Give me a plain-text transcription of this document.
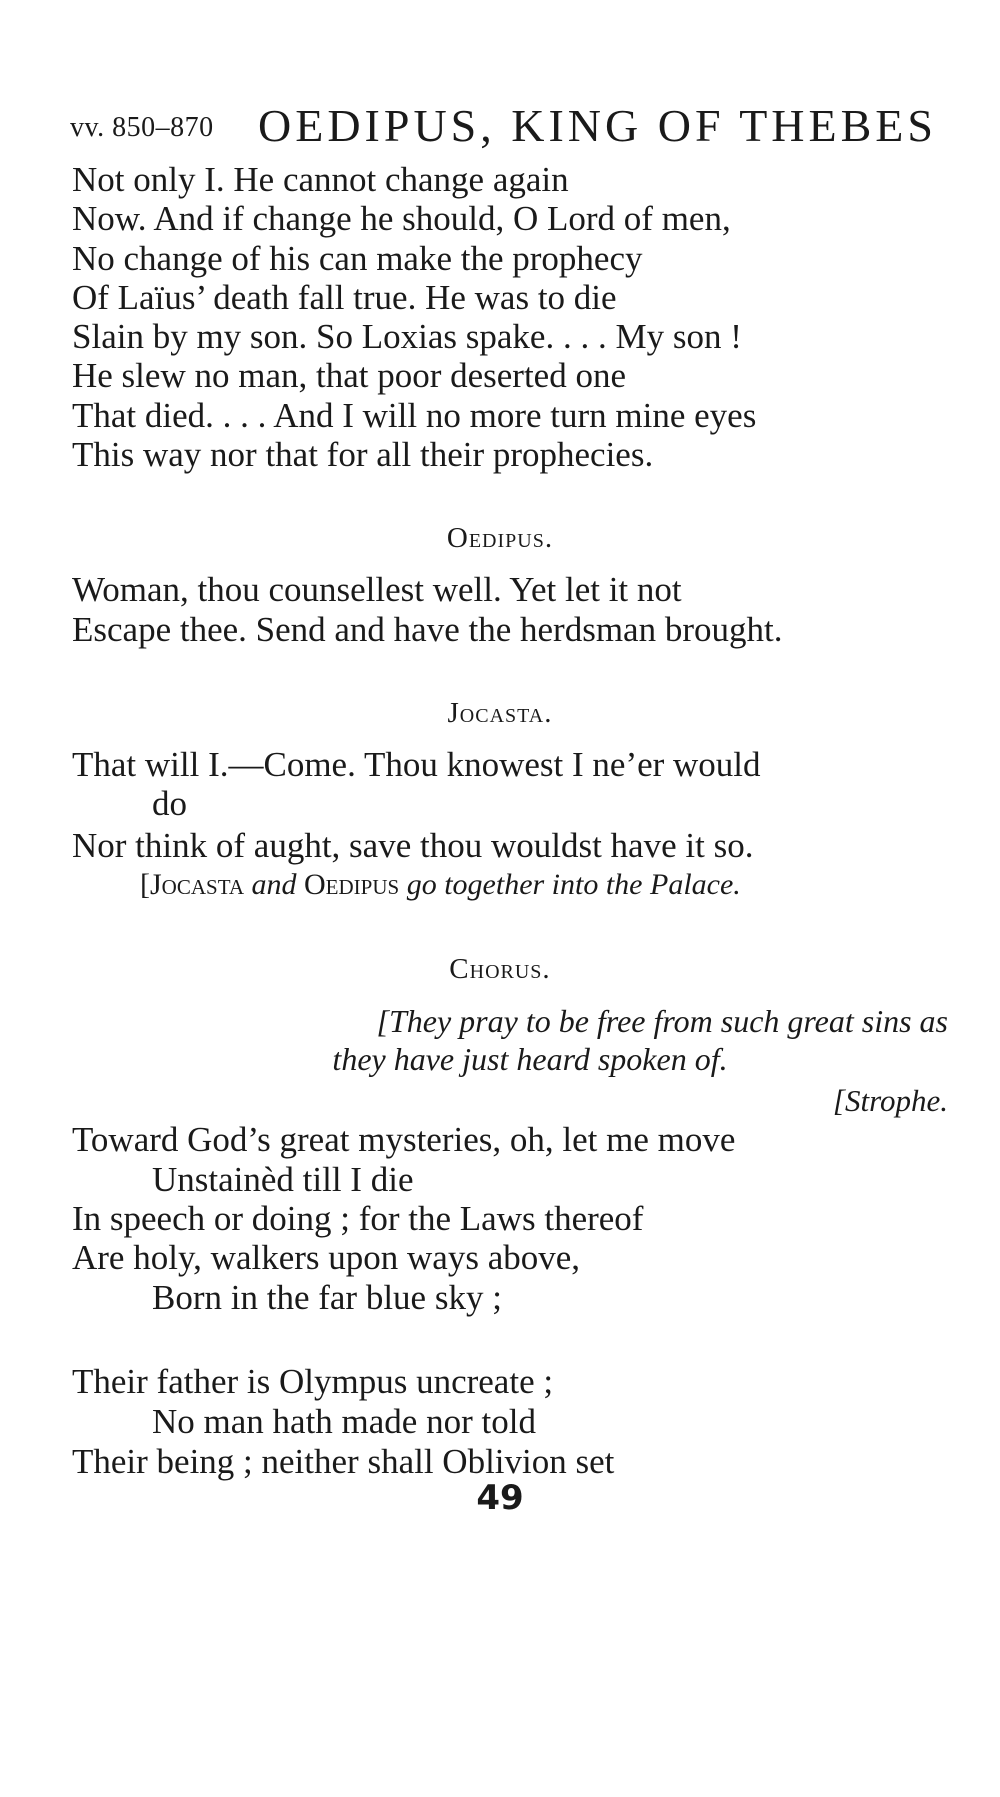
vv. 850–870 OEDIPUS, KING OF THEBES
Not only I. He cannot change again
Now. And if change he should, O Lord of men,
No change of his can make the prophecy
Of Laïus’ death fall true. He was to die
Slain by my son. So Loxias spake. . . . My son !
He slew no man, that poor deserted one
That died. . . . And I will no more turn mine eyes
This way nor that for all their prophecies.
Oedipus.
Woman, thou counsellest well. Yet let it not
Escape thee. Send and have the herdsman brought.
Jocasta.
That will I.—Come. Thou knowest I ne’er would
do
Nor think of aught, save thou wouldst have it so.
[Jocasta and Oedipus go together into the Palace.
Chorus.
[They pray to be free from such great sins as
they have just heard spoken of.
[Strophe.
Toward God’s great mysteries, oh, let me move
Unstainèd till I die
In speech or doing ; for the Laws thereof
Are holy, walkers upon ways above,
Born in the far blue sky ;
Their father is Olympus uncreate ;
No man hath made nor told
Their being ; neither shall Oblivion set
49
